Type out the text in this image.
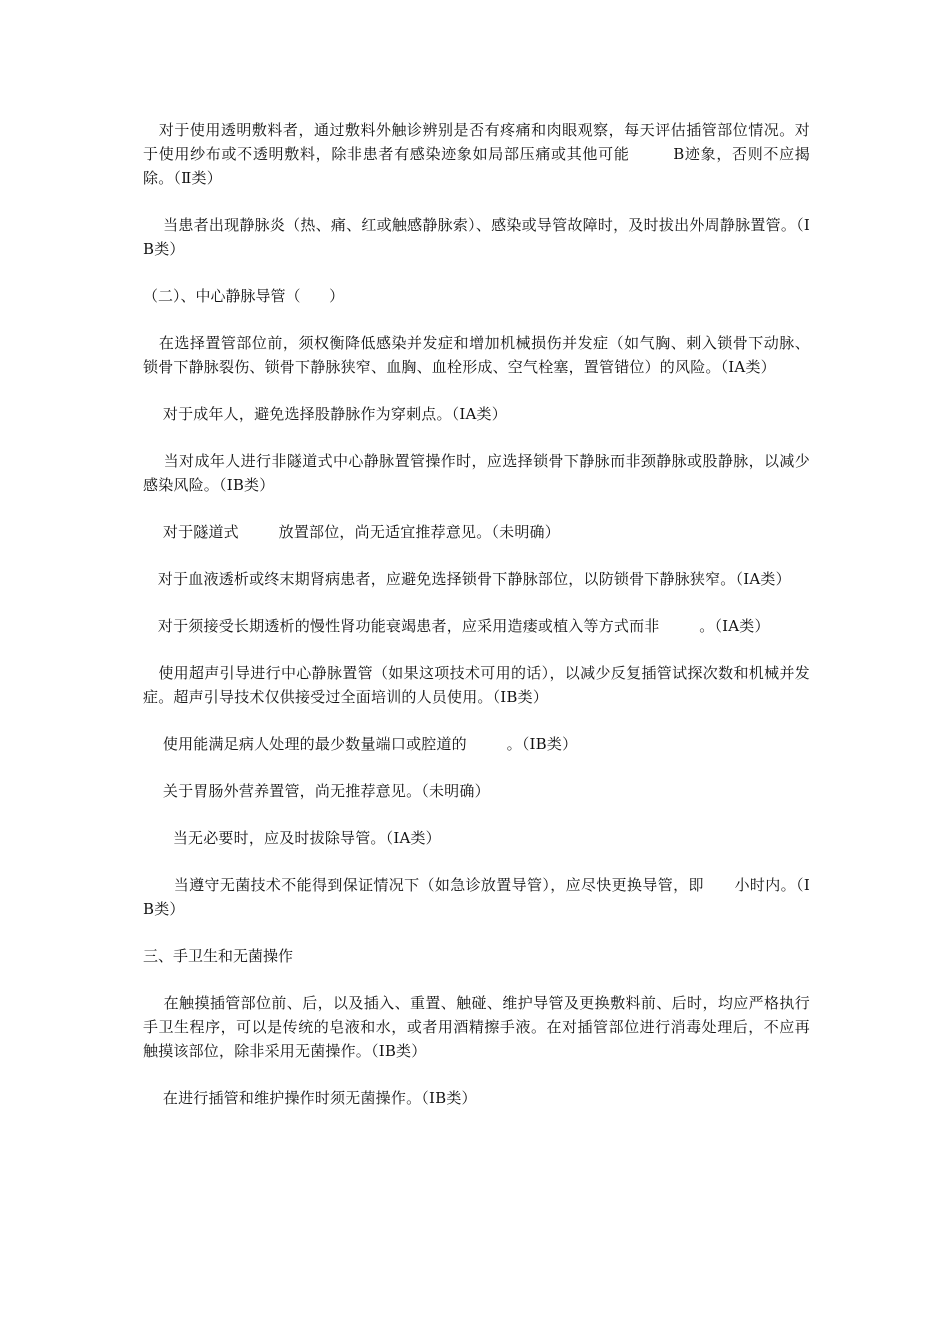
对于使用透明敷料者，通过敷料外触诊辨别是否有疼痛和肉眼观察，每天评估插管部位情况。对于使用纱布或不透明敷料，除非患者有感染迹象如局部压痛或其他可能        B迹象，否则不应揭除。（Ⅱ类）

当患者出现静脉炎（热、痛、红或触感静脉索）、感染或导管故障时，及时拔出外周静脉置管。（ⅠB类）

（二）、中心静脉导管（      ）

在选择置管部位前，须权衡降低感染并发症和增加机械损伤并发症（如气胸、刺入锁骨下动脉、锁骨下静脉裂伤、锁骨下静脉狭窄、血胸、血栓形成、空气栓塞，置管错位）的风险。（ⅠA类）

对于成年人，避免选择股静脉作为穿刺点。（ⅠA类）

当对成年人进行非隧道式中心静脉置管操作时，应选择锁骨下静脉而非颈静脉或股静脉，以减少感染风险。（ⅠB类）

对于隧道式        放置部位，尚无适宜推荐意见。（未明确）

对于血液透析或终末期肾病患者，应避免选择锁骨下静脉部位，以防锁骨下静脉狭窄。（ⅠA类）

对于须接受长期透析的慢性肾功能衰竭患者，应采用造瘘或植入等方式而非        。（ⅠA类）

使用超声引导进行中心静脉置管（如果这项技术可用的话），以减少反复插管试探次数和机械并发症。超声引导技术仅供接受过全面培训的人员使用。（ⅠB类）

使用能满足病人处理的最少数量端口或腔道的        。（ⅠB类）

关于胃肠外营养置管，尚无推荐意见。（未明确）

当无必要时，应及时拔除导管。（ⅠA类）

当遵守无菌技术不能得到保证情况下（如急诊放置导管），应尽快更换导管，即      小时内。（ⅠB类）

三、手卫生和无菌操作

在触摸插管部位前、后，以及插入、重置、触碰、维护导管及更换敷料前、后时，均应严格执行手卫生程序，可以是传统的皂液和水，或者用酒精擦手液。在对插管部位进行消毒处理后，不应再触摸该部位，除非采用无菌操作。（ⅠB类）

在进行插管和维护操作时须无菌操作。（ⅠB类）
